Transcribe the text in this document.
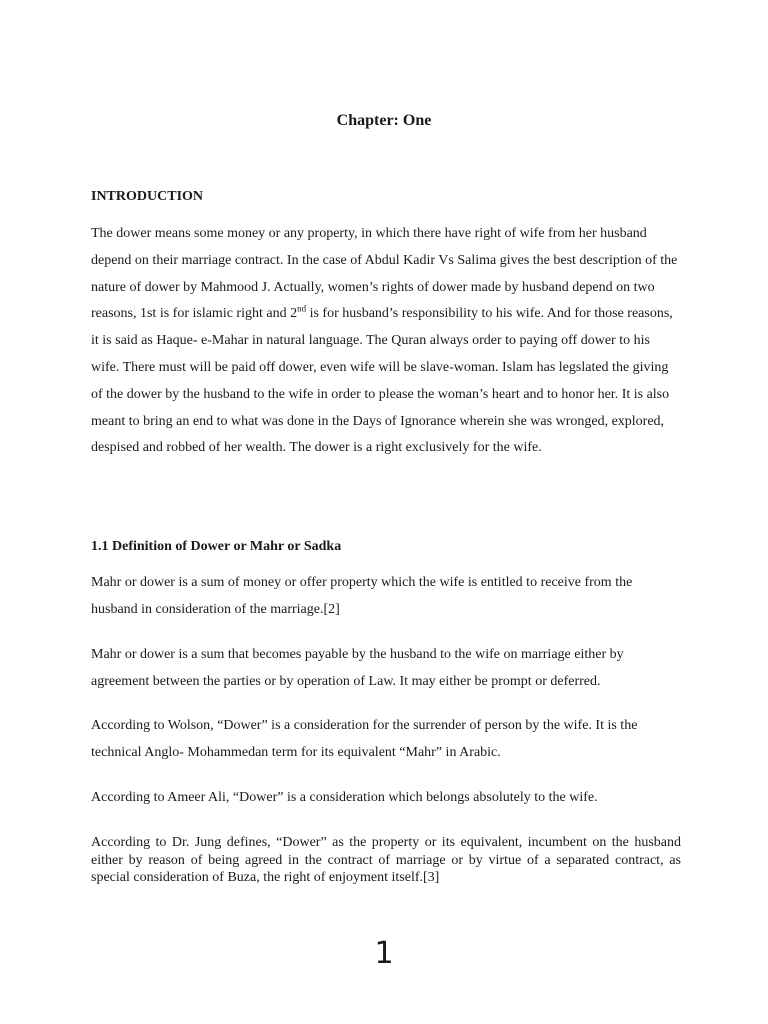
Chapter: One
INTRODUCTION

The dower means some money or any property, in which there have right of wife from her husband depend on their marriage contract. In the case of Abdul Kadir Vs Salima gives the best description of the nature of dower by Mahmood J. Actually, women’s rights of dower made by husband depend on two reasons, 1st is for islamic right and 2nd is for husband’s responsibility to his wife. And for those reasons, it is said as Haque- e-Mahar in natural language. The Quran always order to paying off dower to his wife. There must will be paid off dower, even wife will be slave-woman. Islam has legslated the giving of the dower by the husband to the wife in order to please the woman’s heart and to honor her. It is also meant to bring an end to what was done in the Days of Ignorance wherein she was wronged, explored, despised and robbed of her wealth. The dower is a right exclusively for the wife.

1.1 Definition of Dower or Mahr or Sadka

Mahr or dower is a sum of money or offer property which the wife is entitled to receive from the husband in consideration of the marriage.[2]

Mahr or dower is a sum that becomes payable by the husband to the wife on marriage either by agreement between the parties or by operation of Law. It may either be prompt or deferred.

According to Wolson, “Dower” is a consideration for the surrender of person by the wife. It is the technical Anglo- Mohammedan term for its equivalent “Mahr” in Arabic.

According to Ameer Ali, “Dower” is a consideration which belongs absolutely to the wife.

According to Dr. Jung defines, “Dower” as the property or its equivalent, incumbent on the husband either by reason of being agreed in the contract of marriage or by virtue of a separated contract, as special consideration of Buza, the right of enjoyment itself.[3]

1
